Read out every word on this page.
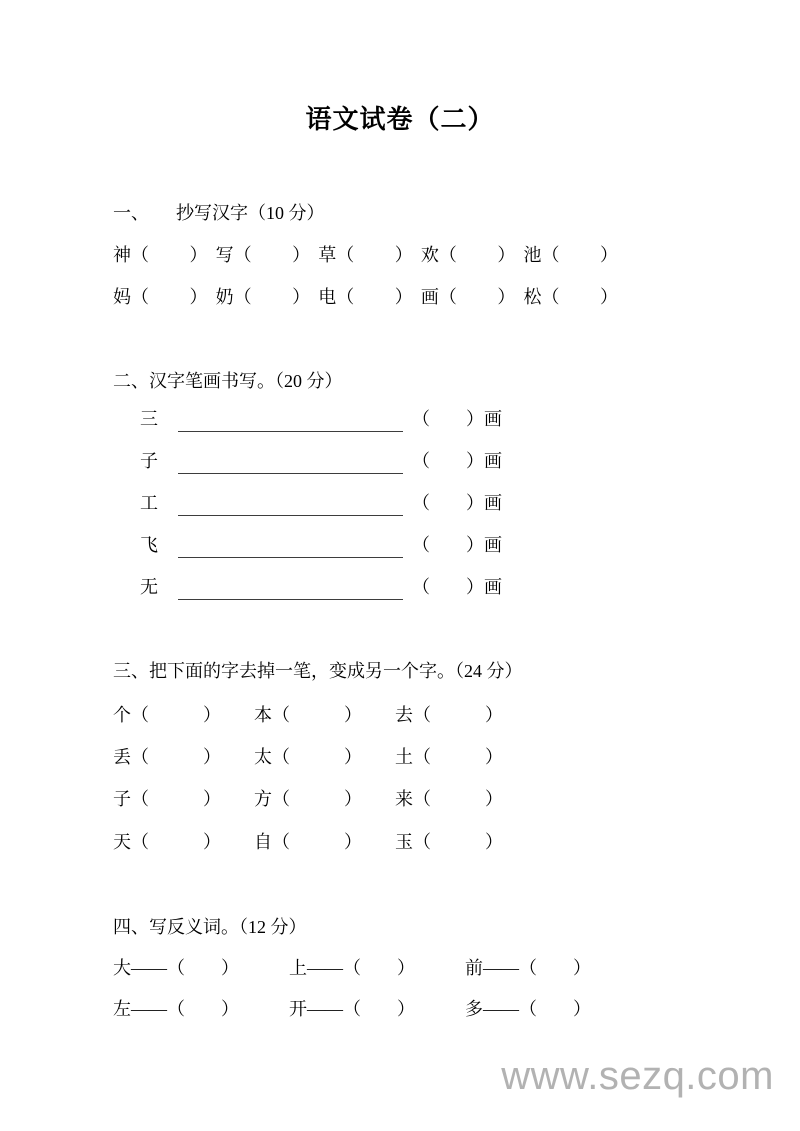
语文试卷（二）
一、　　抄写汉字（10 分）
神（　　 ） 写（　　 ） 草（　　 ） 欢（　　 ） 池（　　 ）
妈（　　 ） 奶（　　 ） 电（　　 ） 画（　　 ） 松（　　 ）
二、汉字笔画书写。（20 分）
三	（　　）画
子	（　　）画
工	（　　）画
飞	（　　）画
无	（　　）画
三、把下面的字去掉一笔，变成另一个字。（24 分）
个（　　　） 本（　　　） 去（　　　）
丢（　　　） 太（　　　） 土（　　　）
子（　　　） 方（　　　） 来（　　　）
天（　　　） 自（　　　） 玉（　　　）
四、写反义词。（12 分）
大——（　　）	上——（　　）	前——（　　）
左——（　　）	开——（　　）	多——（　　）
www.sezq.com
